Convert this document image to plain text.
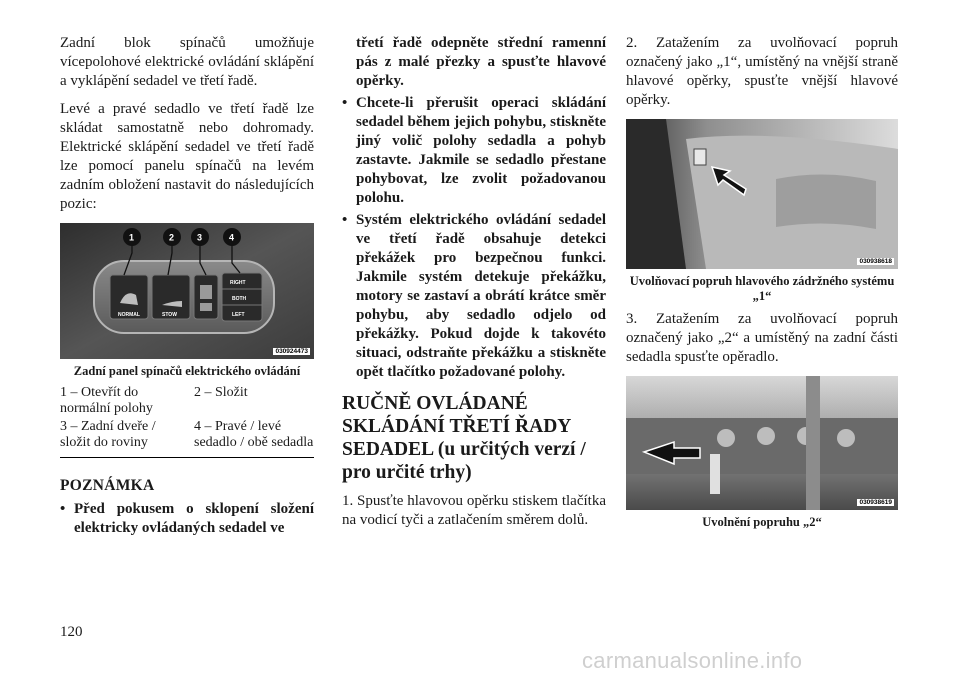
Zadní blok spínačů umožňuje vícepolohové elektrické ovládání sklápění a vyklápění sedadel ve třetí řadě.

Levé a pravé sedadlo ve třetí řadě lze skládat samostatně nebo dohromady. Elektrické sklápění sedadel ve třetí řadě lze pomocí panelu spínačů na levém zadním obložení nastavit do následujících pozic:

NORMAL	STOW
RIGHT
BOTH
LEFT
1	2	3	4
030924473
Zadní panel spínačů elektrického ovládání
1 – Otevřít do normální polohy	2 – Složit
3 – Zadní dveře / složit do roviny	4 – Pravé / levé sedadlo / obě sedadla
POZNÁMKA
• Před pokusem o sklopení složení elektricky ovládaných sedadel ve
třetí řadě odepněte střední ramenní pás z malé přezky a spusťte hlavové opěrky.
• Chcete-li přerušit operaci skládání sedadel během jejich pohybu, stiskněte jiný volič polohy sedadla a pohyb zastavte. Jakmile se sedadlo přestane pohybovat, lze zvolit požadovanou polohu.
• Systém elektrického ovládání sedadel ve třetí řadě obsahuje detekci překážek pro bezpečnou funkci. Jakmile systém detekuje překážku, motory se zastaví a obrátí krátce směr pohybu, aby sedadlo odjelo od překážky. Pokud dojde k takovéto situaci, odstraňte překážku a stiskněte opět tlačítko požadované polohy.
RUČNĚ OVLÁDANÉ SKLÁDÁNÍ TŘETÍ ŘADY SEDADEL (u určitých verzí / pro určité trhy)

1. Spusťte hlavovou opěrku stiskem tlačítka na vodicí tyči a zatlačením směrem dolů.

2. Zatažením za uvolňovací popruh označený jako „1“, umístěný na vnější straně hlavové opěrky, spusťte vnější hlavové opěrky.

030938618
Uvolňovací popruh hlavového zádržného systému „1“

3. Zatažením za uvolňovací popruh označený jako „2“ a umístěný na zadní části sedadla spusťte opěradlo.

030938619
Uvolnění popruhu „2“
120
carmanualsonline.info
